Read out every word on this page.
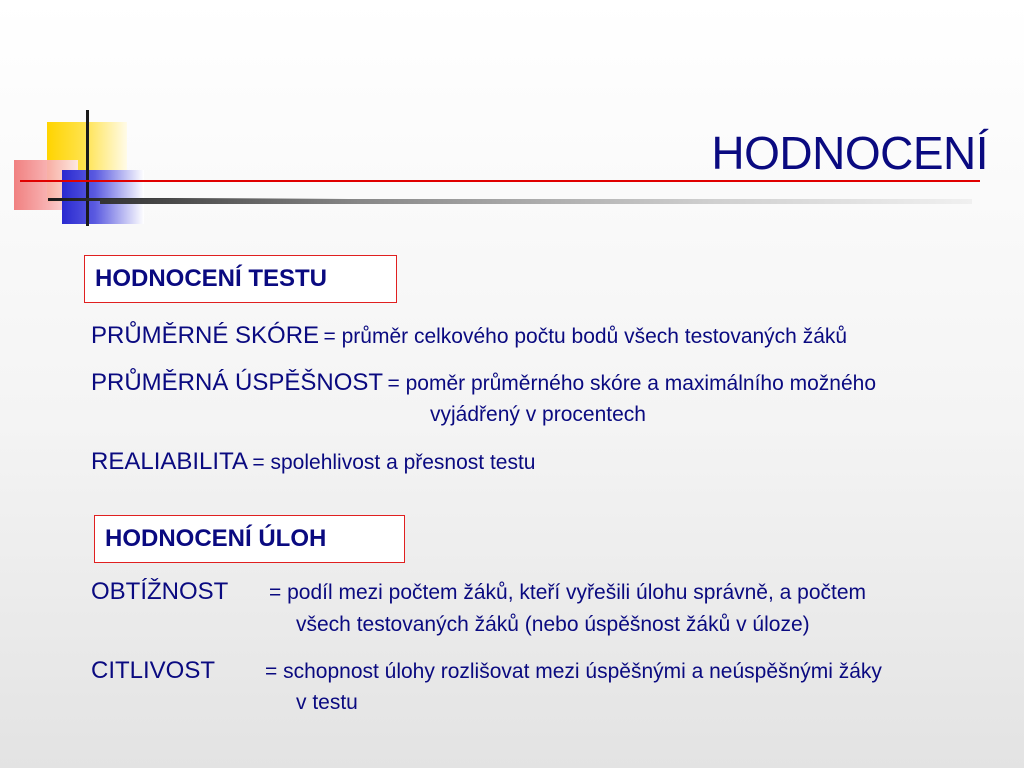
HODNOCENÍ
HODNOCENÍ TESTU
PRŮMĚRNÉ SKÓRE = průměr celkového počtu bodů všech testovaných žáků
PRŮMĚRNÁ ÚSPĚŠNOST = poměr průměrného skóre a maximálního možného
vyjádřený v procentech
REALIABILITA = spolehlivost a přesnost testu
HODNOCENÍ ÚLOH
OBTÍŽNOST = podíl mezi počtem žáků, kteří vyřešili úlohu správně, a počtem
všech testovaných žáků (nebo úspěšnost žáků v úloze)
CITLIVOST = schopnost úlohy rozlišovat mezi úspěšnými a neúspěšnými žáky
v testu
